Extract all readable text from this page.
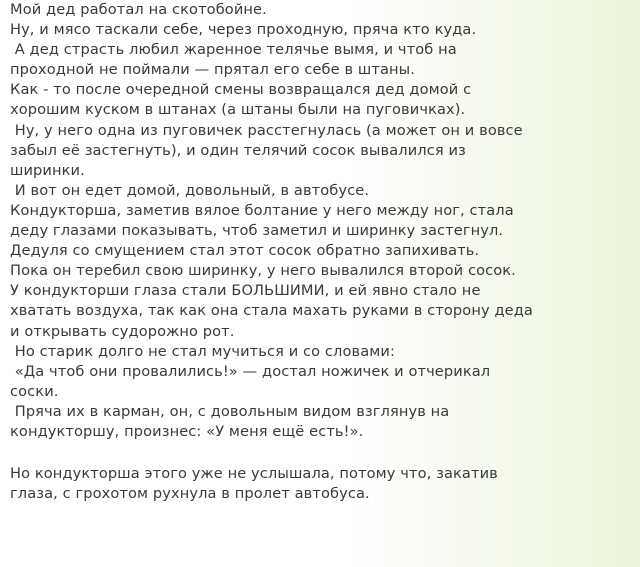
Мой дед работал на скотобойне.
Ну, и мясо таскали себе, через проходную, пряча кто куда.
А дед страсть любил жаренное телячье вымя, и чтоб на
проходной не поймали — прятал его себе в штаны.
Как - то после очередной смены возвращался дед домой с
хорошим куском в штанах (а штаны были на пуговичках).
Ну, у него одна из пуговичек расстегнулась (а может он и вовсе
забыл её застегнуть), и один телячий сосок вывалился из
ширинки.
И вот он едет домой, довольный, в автобусе.
Кондукторша, заметив вялое болтание у него между ног, стала
деду глазами показывать, чтоб заметил и ширинку застегнул.
Дедуля со смущением стал этот сосок обратно запихивать.
Пока он теребил свою ширинку, у него вывалился второй сосок.
У кондукторши глаза стали БОЛЬШИМИ, и ей явно стало не
хватать воздуха, так как она стала махать руками в сторону деда
и открывать судорожно рот.
Но старик долго не стал мучиться и со словами:
«Да чтоб они провалились!» — достал ножичек и отчерикал
соски.
Пряча их в карман, он, с довольным видом взглянув на
кондукторшу, произнес: «У меня ещё есть!».
Но кондукторша этого уже не услышала, потому что, закатив
глаза, с грохотом рухнула в пролет автобуса.
